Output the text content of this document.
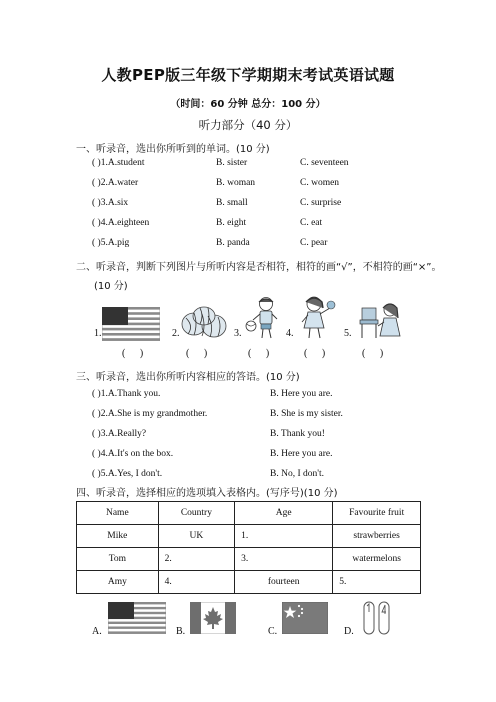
人教PEP版三年级下学期期末考试英语试题
（时间：60 分钟 总分：100 分）
听力部分（40 分）
一、听录音，选出你所听到的单词。(10 分)
( )1.A.student	B. sister	C. seventeen
( )2.A.water	B. woman	C. women
( )3.A.six	B. small	C. surprise
( )4.A.eighteen	B. eight	C. eat
( )5.A.pig	B. panda	C. pear
二、听录音，判断下列图片与所听内容是否相符，相符的画“√”，不相符的画“×”。
(10 分)
1.	2.	3.	4.	5.
( )	( )	( )	( )	( )
三、听录音，选出你所听内容相应的答语。(10 分)
( )1.A.Thank you.	B. Here you are.
( )2.A.She is my grandmother.	B. She is my sister.
( )3.A.Really?	B. Thank you!
( )4.A.It's on the box.	B. Here you are.
( )5.A.Yes, I don't.	B. No, I don't.
四、听录音，选择相应的选项填入表格内。(写序号)(10 分)
Name	Country	Age	Favourite fruit
Mike	UK	1.	strawberries
Tom	2.	3.	watermelons
Amy	4.	fourteen	5.
A.	B.	C.	D.
